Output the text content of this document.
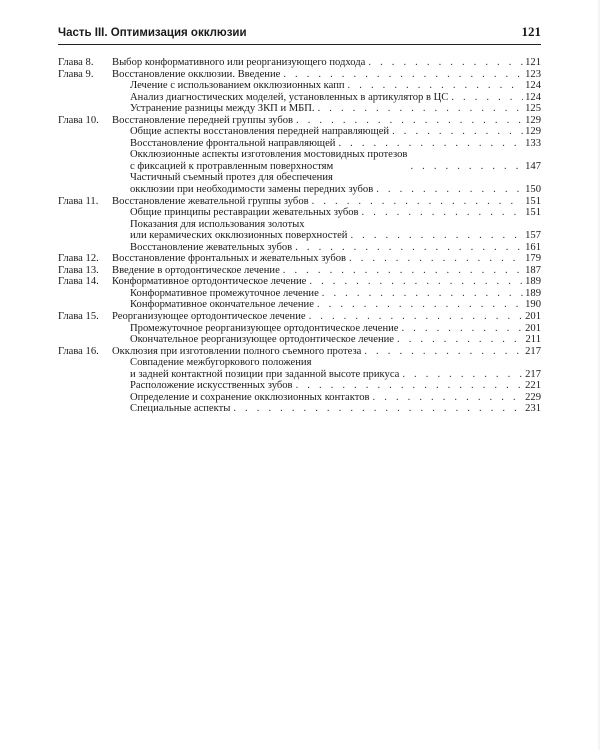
Часть III. Оптимизация окклюзии	121
Глава 8. Выбор конформативного или реорганизующего подхода . . .	121
Глава 9. Восстановление окклюзии. Введение . . .	123
Лечение с использованием окклюзионных капп . . .	124
Анализ диагностических моделей, установленных в артикулятор в ЦС . . .	124
Устранение разницы между ЗКП и МБП. . . .	125
Глава 10. Восстановление передней группы зубов . . .	129
Общие аспекты восстановления передней направляющей . . .	129
Восстановление фронтальной направляющей . . .	133
Окклюзионные аспекты изготовления мостовидных протезов
с фиксацией к протравленным поверхностям . . .	147
Частичный съемный протез для обеспечения
окклюзии при необходимости замены передних зубов . . .	150
Глава 11. Восстановление жевательной группы зубов . . .	151
Общие принципы реставрации жевательных зубов . . .	151
Показания для использования золотых
или керамических окклюзионных поверхностей . . .	157
Восстановление жевательных зубов . . .	161
Глава 12. Восстановление фронтальных и жевательных зубов . . .	179
Глава 13. Введение в ортодонтическое лечение . . .	187
Глава 14. Конформативное ортодонтическое лечение . . .	189
Конформативное промежуточное лечение . . .	189
Конформативное окончательное лечение . . .	190
Глава 15. Реорганизующее ортодонтическое лечение . . .	201
Промежуточное реорганизующее ортодонтическое лечение . . .	201
Окончательное реорганизующее ортодонтическое лечение . . .	211
Глава 16. Окклюзия при изготовлении полного съемного протеза . . .	217
Совпадение межбугоркового положения
и задней контактной позиции при заданной высоте прикуса . . .	217
Расположение искусственных зубов . . .	221
Определение и сохранение окклюзионных контактов . . .	229
Специальные аспекты . . .	231
